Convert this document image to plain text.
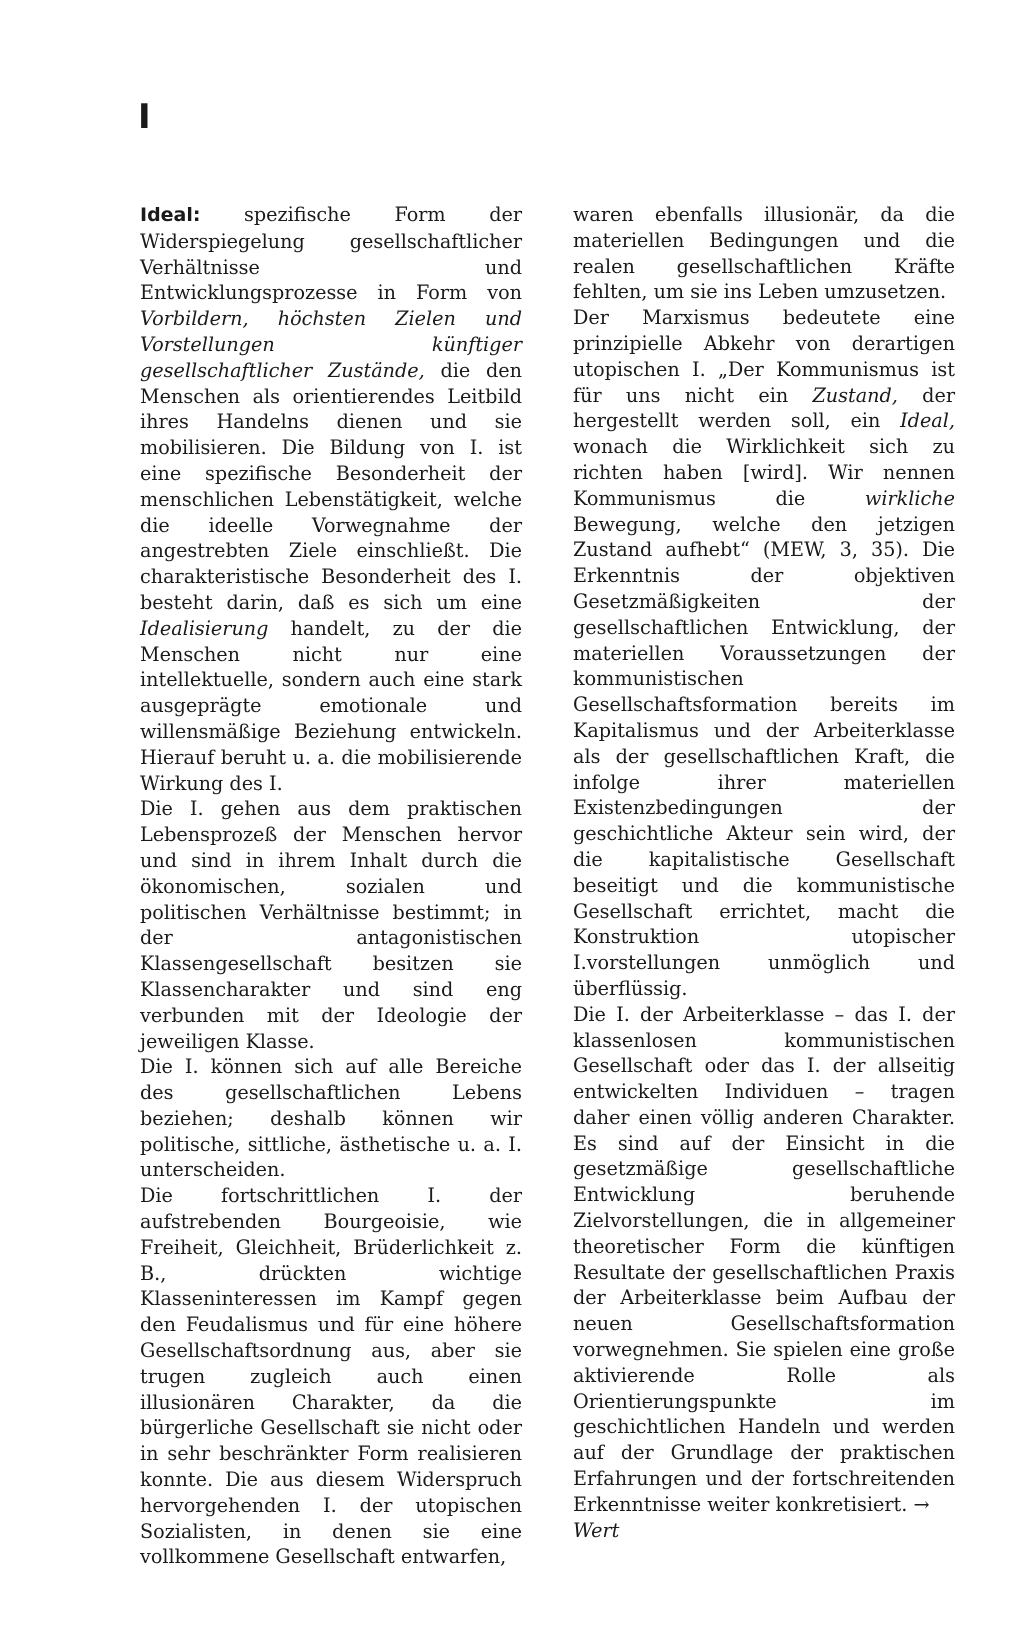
I

Ideal: spezifische Form der Widerspiegelung gesellschaftlicher Verhältnisse und Entwicklungsprozesse in Form von Vorbildern, höchsten Zielen und Vorstellungen künftiger gesellschaftlicher Zustände, die den Menschen als orientierendes Leitbild ihres Handelns dienen und sie mobilisieren. Die Bildung von I. ist eine spezifische Besonderheit der menschlichen Lebenstätigkeit, welche die ideelle Vorwegnahme der angestrebten Ziele einschließt. Die charakteristische Besonderheit des I. besteht darin, daß es sich um eine Idealisierung handelt, zu der die Menschen nicht nur eine intellektuelle, sondern auch eine stark ausgeprägte emotionale und willensmäßige Beziehung entwickeln. Hierauf beruht u. a. die mobilisierende Wirkung des I.

Die I. gehen aus dem praktischen Lebensprozeß der Menschen hervor und sind in ihrem Inhalt durch die ökonomischen, sozialen und politischen Verhältnisse bestimmt; in der antagonistischen Klassengesellschaft besitzen sie Klassencharakter und sind eng verbunden mit der Ideologie der jeweiligen Klasse.

Die I. können sich auf alle Bereiche des gesellschaftlichen Lebens beziehen; deshalb können wir politische, sittliche, ästhetische u. a. I. unterscheiden.

Die fortschrittlichen I. der aufstrebenden Bourgeoisie, wie Freiheit, Gleichheit, Brüderlichkeit z. B., drückten wichtige Klasseninteressen im Kampf gegen den Feudalismus und für eine höhere Gesellschaftsordnung aus, aber sie trugen zugleich auch einen illusionären Charakter, da die bürgerliche Gesellschaft sie nicht oder in sehr beschränkter Form realisieren konnte. Die aus diesem Widerspruch hervorgehenden I. der utopischen Sozialisten, in denen sie eine vollkommene Gesellschaft entwarfen,

waren ebenfalls illusionär, da die materiellen Bedingungen und die realen gesellschaftlichen Kräfte fehlten, um sie ins Leben umzusetzen.

Der Marxismus bedeutete eine prinzipielle Abkehr von derartigen utopischen I. „Der Kommunismus ist für uns nicht ein Zustand, der hergestellt werden soll, ein Ideal, wonach die Wirklichkeit sich zu richten haben [wird]. Wir nennen Kommunismus die wirkliche Bewegung, welche den jetzigen Zustand aufhebt“ (MEW, 3, 35). Die Erkenntnis der objektiven Gesetzmäßigkeiten der gesellschaftlichen Entwicklung, der materiellen Voraussetzungen der kommunistischen Gesellschaftsformation bereits im Kapitalismus und der Arbeiterklasse als der gesellschaftlichen Kraft, die infolge ihrer materiellen Existenzbedingungen der geschichtliche Akteur sein wird, der die kapitalistische Gesellschaft beseitigt und die kommunistische Gesellschaft errichtet, macht die Konstruktion utopischer I.vorstellungen unmöglich und überflüssig.

Die I. der Arbeiterklasse – das I. der klassenlosen kommunistischen Gesellschaft oder das I. der allseitig entwickelten Individuen – tragen daher einen völlig anderen Charakter. Es sind auf der Einsicht in die gesetzmäßige gesellschaftliche Entwicklung beruhende Zielvorstellungen, die in allgemeiner theoretischer Form die künftigen Resultate der gesellschaftlichen Praxis der Arbeiterklasse beim Aufbau der neuen Gesellschaftsformation vorwegnehmen. Sie spielen eine große aktivierende Rolle als Orientierungspunkte im geschichtlichen Handeln und werden auf der Grundlage der praktischen Erfahrungen und der fortschreitenden Erkenntnisse weiter konkretisiert. →
Wert
